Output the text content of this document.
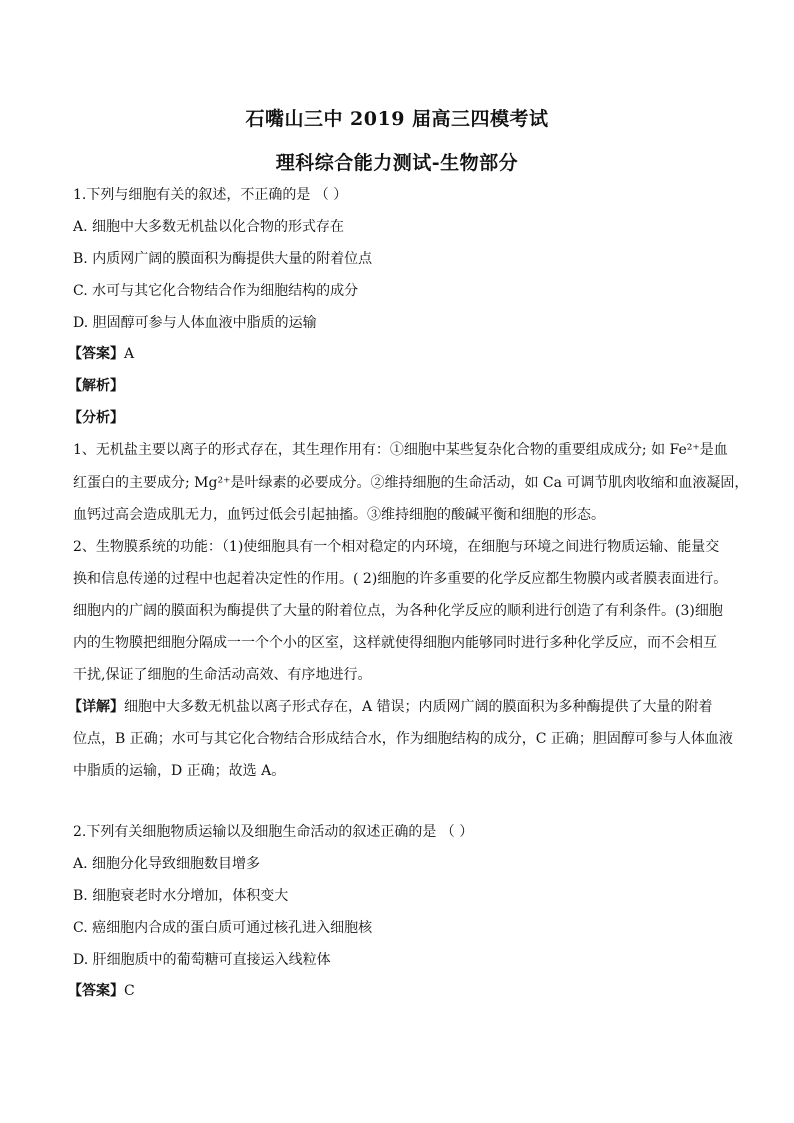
石嘴山三中 2019 届高三四模考试
理科综合能力测试-生物部分
1.下列与细胞有关的叙述，不正确的是 （ ）
A. 细胞中大多数无机盐以化合物的形式存在
B. 内质网广阔的膜面积为酶提供大量的附着位点
C. 水可与其它化合物结合作为细胞结构的成分
D. 胆固醇可参与人体血液中脂质的运输
【答案】A
【解析】
【分析】
1、无机盐主要以离子的形式存在，其生理作用有：①细胞中某些复杂化合物的重要组成成分; 如 Fe²⁺是血
红蛋白的主要成分; Mg²⁺是叶绿素的必要成分。②维持细胞的生命活动，如 Ca 可调节肌肉收缩和血液凝固，
血钙过高会造成肌无力，血钙过低会引起抽搐。③维持细胞的酸碱平衡和细胞的形态。
2、生物膜系统的功能：（1)使细胞具有一个相对稳定的内环境，在细胞与环境之间进行物质运输、能量交
换和信息传递的过程中也起着决定性的作用。( 2)细胞的许多重要的化学反应都生物膜内或者膜表面进行。
细胞内的广阔的膜面积为酶提供了大量的附着位点，为各种化学反应的顺利进行创造了有利条件。(3)细胞
内的生物膜把细胞分隔成一一个个小的区室，这样就使得细胞内能够同时进行多种化学反应，而不会相互
干扰,保证了细胞的生命活动高效、有序地进行。
【详解】细胞中大多数无机盐以离子形式存在，A 错误；内质网广阔的膜面积为多种酶提供了大量的附着
位点，B 正确；水可与其它化合物结合形成结合水，作为细胞结构的成分，C 正确；胆固醇可参与人体血液
中脂质的运输，D 正确；故选 A。
2.下列有关细胞物质运输以及细胞生命活动的叙述正确的是 （ ）
A. 细胞分化导致细胞数目增多
B. 细胞衰老时水分增加，体积变大
C. 癌细胞内合成的蛋白质可通过核孔进入细胞核
D. 肝细胞质中的葡萄糖可直接运入线粒体
【答案】C
